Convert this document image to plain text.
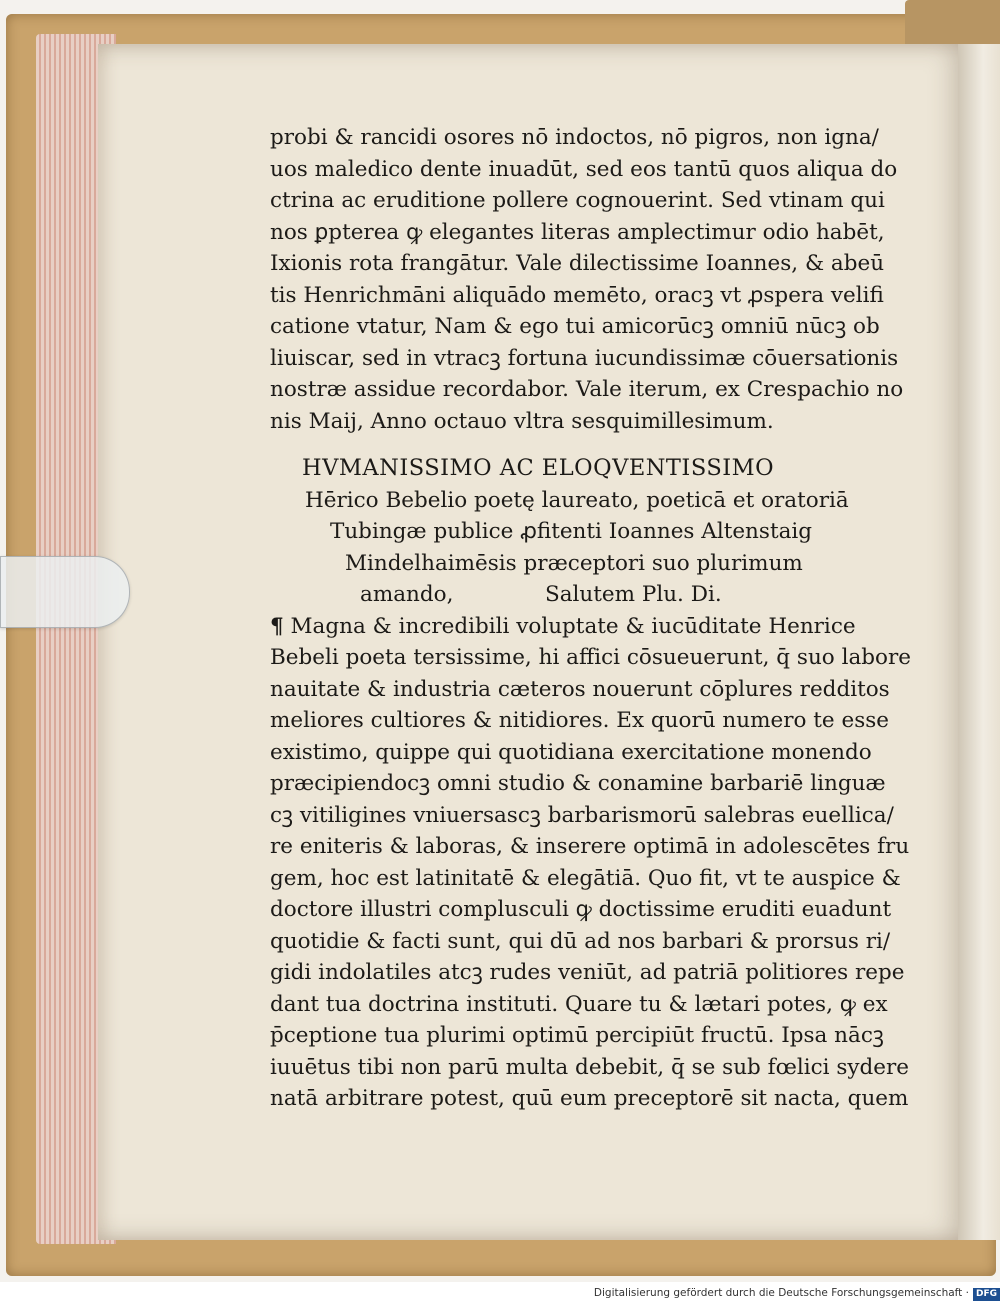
probi & rancidi osores nō indoctos, nō pigros, non igna/
uos maledico dente inuadūt, sed eos tantū quos aliqua do
ctrina ac eruditione pollere cognouerint. Sed vtinam qui
nos ꝑpterea ꝙ elegantes literas amplectimur odio habēt,
Ixionis rota frangātur. Vale dilectissime Ioannes, & abeū
tis Henrichmāni aliquādo memēto, oracꝫ vt ꝓspera velifi
catione vtatur, Nam & ego tui amicorūcꝫ omniū nūcꝫ ob
liuiscar, sed in vtracꝫ fortuna iucundissimæ cōuersationis
nostræ assidue recordabor. Vale iterum, ex Crespachio no
nis Maij, Anno octauo vltra sesquimillesimum.
HVMANISSIMO AC ELOQVENTISSIMO
Hērico Bebelio poetę laureato, poeticā et oratoriā
Tubingæ publice ꝓfitenti Ioannes Altenstaig
Mindelhaimēsis præceptori suo plurimum
amando,	Salutem Plu. Di.
¶ Magna & incredibili voluptate & iucūditate Henrice
Bebeli poeta tersissime, hi affici cōsueuerunt, q̄ suo labore
nauitate & industria cæteros nouerunt cōplures redditos
meliores cultiores & nitidiores. Ex quorū numero te esse
existimo, quippe qui quotidiana exercitatione monendo
præcipiendocꝫ omni studio & conamine barbariē linguæ
cꝫ vitiligines vniuersascꝫ barbarismorū salebras euellica/
re eniteris & laboras, & inserere optimā in adolescētes fru
gem, hoc est latinitatē & elegātiā. Quo fit, vt te auspice &
doctore illustri complusculi ꝙ doctissime eruditi euadunt
quotidie & facti sunt, qui dū ad nos barbari & prorsus ri/
gidi indolatiles atcꝫ rudes veniūt, ad patriā politiores repe
dant tua doctrina instituti. Quare tu & lætari potes, ꝙ ex
p̄ceptione tua plurimi optimū percipiūt fructū. Ipsa nācꝫ
iuuētus tibi non parū multa debebit, q̄ se sub fœlici sydere
natā arbitrare potest, quū eum preceptorē sit nacta, quem
Digitalisierung gefördert durch die Deutsche Forschungsgemeinschaft · DFG
